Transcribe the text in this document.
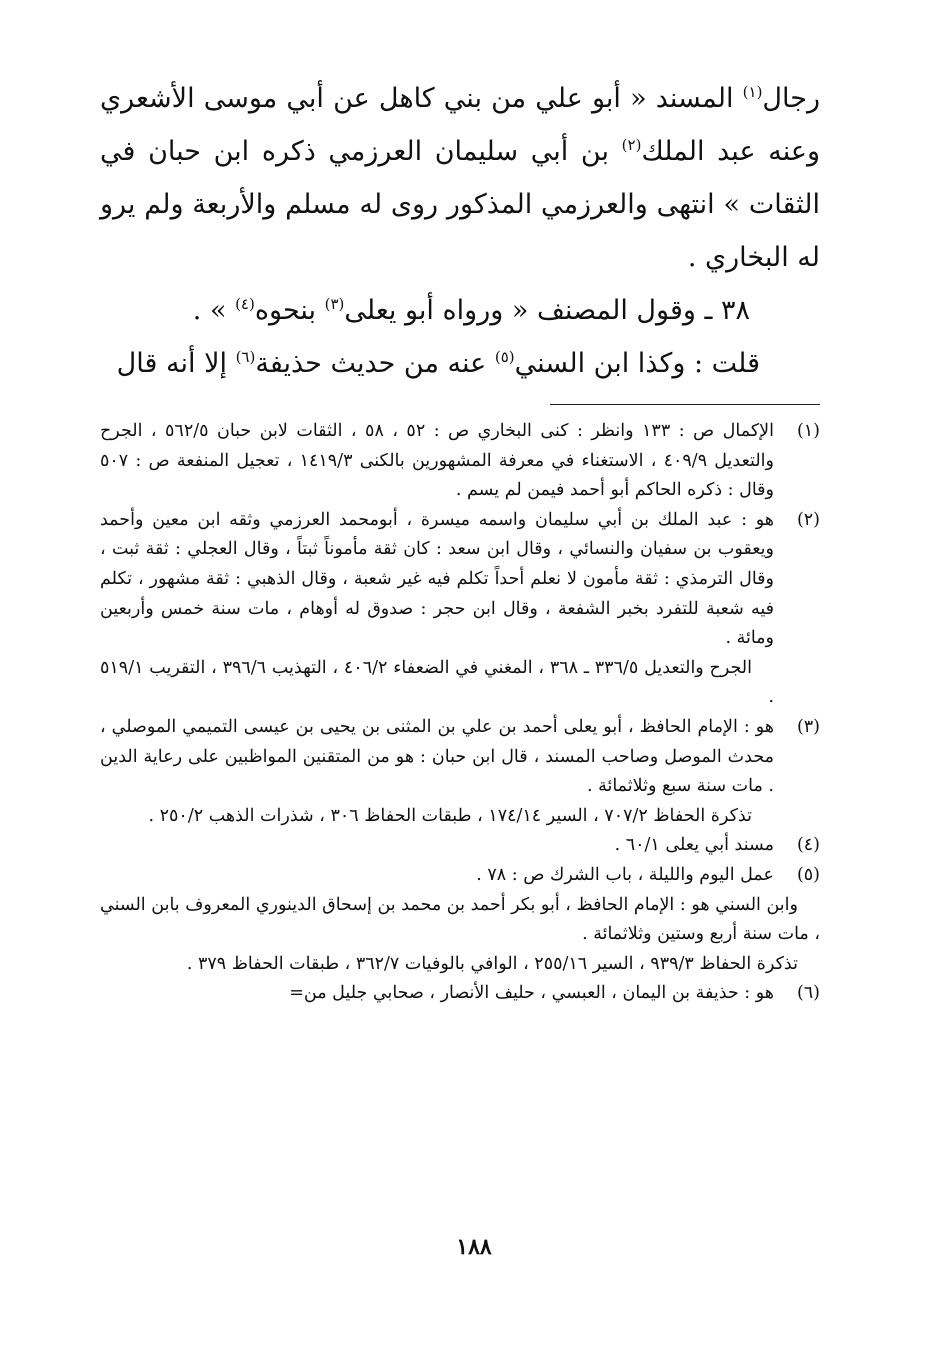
رجال$^{(١)}$ المسند « أبو علي من بني كاهل عن أبي موسى الأشعري وعنه عبد الملك$^{(٢)}$ بن أبي سليمان العرزمي ذكره ابن حبان في الثقات » انتهى والعرزمي المذكور روى له مسلم والأربعة ولم يرو له البخاري .

٣٨ ـ وقول المصنف « ورواه أبو يعلى$^{(٣)}$ بنحوه$^{(٤)}$ » .

قلت : وكذا ابن السني$^{(٥)}$ عنه من حديث حذيفة$^{(٦)}$ إلا أنه قال

(١)

الإكمال ص : ١٣٣ وانظر : كنى البخاري ص : ٥٢ ، ٥٨ ، الثقات لابن حبان ٥٦٢/٥ ، الجرح والتعديل ٤٠٩/٩ ، الاستغناء في معرفة المشهورين بالكنى ١٤١٩/٣ ، تعجيل المنفعة ص : ٥٠٧ وقال : ذكره الحاكم أبو أحمد فيمن لم يسم .

(٢)

هو : عبد الملك بن أبي سليمان واسمه ميسرة ، أبومحمد العرزمي وثقه ابن معين وأحمد ويعقوب بن سفيان والنسائي ، وقال ابن سعد : كان ثقة مأموناً ثبتاً ، وقال العجلي : ثقة ثبت ، وقال الترمذي : ثقة مأمون لا نعلم أحداً تكلم فيه غير شعبة ، وقال الذهبي : ثقة مشهور ، تكلم فيه شعبة للتفرد بخبر الشفعة ، وقال ابن حجر : صدوق له أوهام ، مات سنة خمس وأربعين ومائة .

الجرح والتعديل ٣٣٦/٥ ـ ٣٦٨ ، المغني في الضعفاء ٤٠٦/٢ ، التهذيب ٣٩٦/٦ ، التقريب ٥١٩/١ .

(٣)

هو : الإمام الحافظ ، أبو يعلى أحمد بن علي بن المثنى بن يحيى بن عيسى التميمي الموصلي ، محدث الموصل وصاحب المسند ، قال ابن حبان : هو من المتقنين المواظبين على رعاية الدين . مات سنة سبع وثلاثمائة .

تذكرة الحفاظ ٧٠٧/٢ ، السير ١٧٤/١٤ ، طبقات الحفاظ ٣٠٦ ، شذرات الذهب ٢٥٠/٢ .

(٤)

مسند أبي يعلى ٦٠/١ .

(٥)

عمل اليوم والليلة ، باب الشرك ص : ٧٨ .

وابن السني هو : الإمام الحافظ ، أبو بكر أحمد بن محمد بن إسحاق الدينوري المعروف بابن السني ، مات سنة أربع وستين وثلاثمائة .

تذكرة الحفاظ ٩٣٩/٣ ، السير ٢٥٥/١٦ ، الوافي بالوفيات ٣٦٢/٧ ، طبقات الحفاظ ٣٧٩ .

(٦)

هو : حذيفة بن اليمان ، العبسي ، حليف الأنصار ، صحابي جليل من=

١٨٨
